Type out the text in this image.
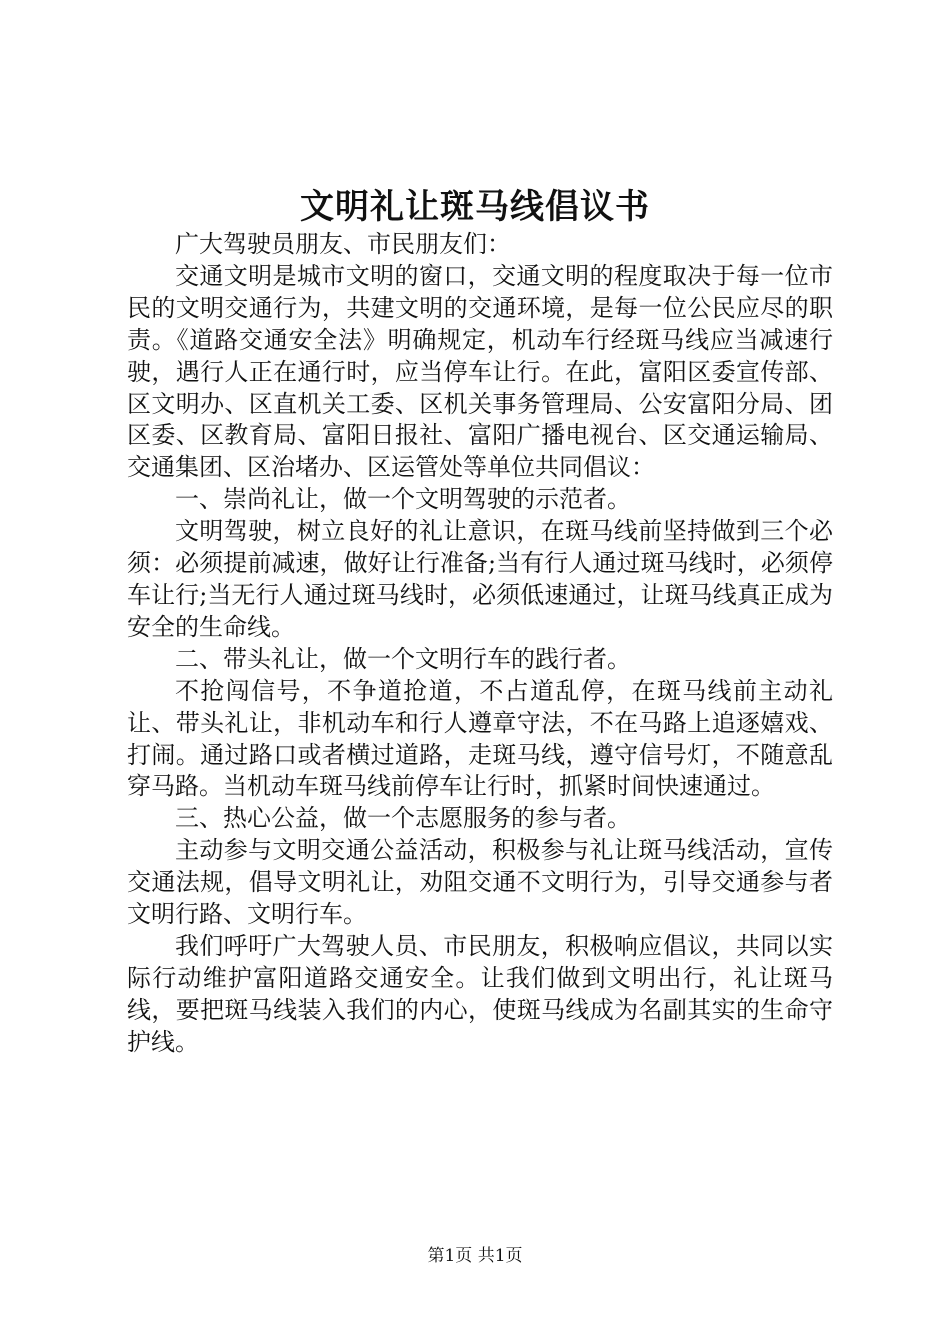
文明礼让斑马线倡议书

广大驾驶员朋友、市民朋友们：

交通文明是城市文明的窗口，交通文明的程度取决于每一位市民的文明交通行为，共建文明的交通环境，是每一位公民应尽的职责。《道路交通安全法》明确规定，机动车行经斑马线应当减速行驶，遇行人正在通行时，应当停车让行。在此，富阳区委宣传部、区文明办、区直机关工委、区机关事务管理局、公安富阳分局、团区委、区教育局、富阳日报社、富阳广播电视台、区交通运输局、交通集团、区治堵办、区运管处等单位共同倡议：

一、崇尚礼让，做一个文明驾驶的示范者。

文明驾驶，树立良好的礼让意识，在斑马线前坚持做到三个必须：必须提前减速，做好让行准备;当有行人通过斑马线时，必须停车让行;当无行人通过斑马线时，必须低速通过，让斑马线真正成为安全的生命线。

二、带头礼让，做一个文明行车的践行者。

不抢闯信号，不争道抢道，不占道乱停，在斑马线前主动礼让、带头礼让，非机动车和行人遵章守法，不在马路上追逐嬉戏、打闹。通过路口或者横过道路，走斑马线，遵守信号灯，不随意乱穿马路。当机动车斑马线前停车让行时，抓紧时间快速通过。

三、热心公益，做一个志愿服务的参与者。

主动参与文明交通公益活动，积极参与礼让斑马线活动，宣传交通法规，倡导文明礼让，劝阻交通不文明行为，引导交通参与者文明行路、文明行车。

我们呼吁广大驾驶人员、市民朋友，积极响应倡议，共同以实际行动维护富阳道路交通安全。让我们做到文明出行，礼让斑马线，要把斑马线装入我们的内心，使斑马线成为名副其实的生命守护线。

第1页 共1页
